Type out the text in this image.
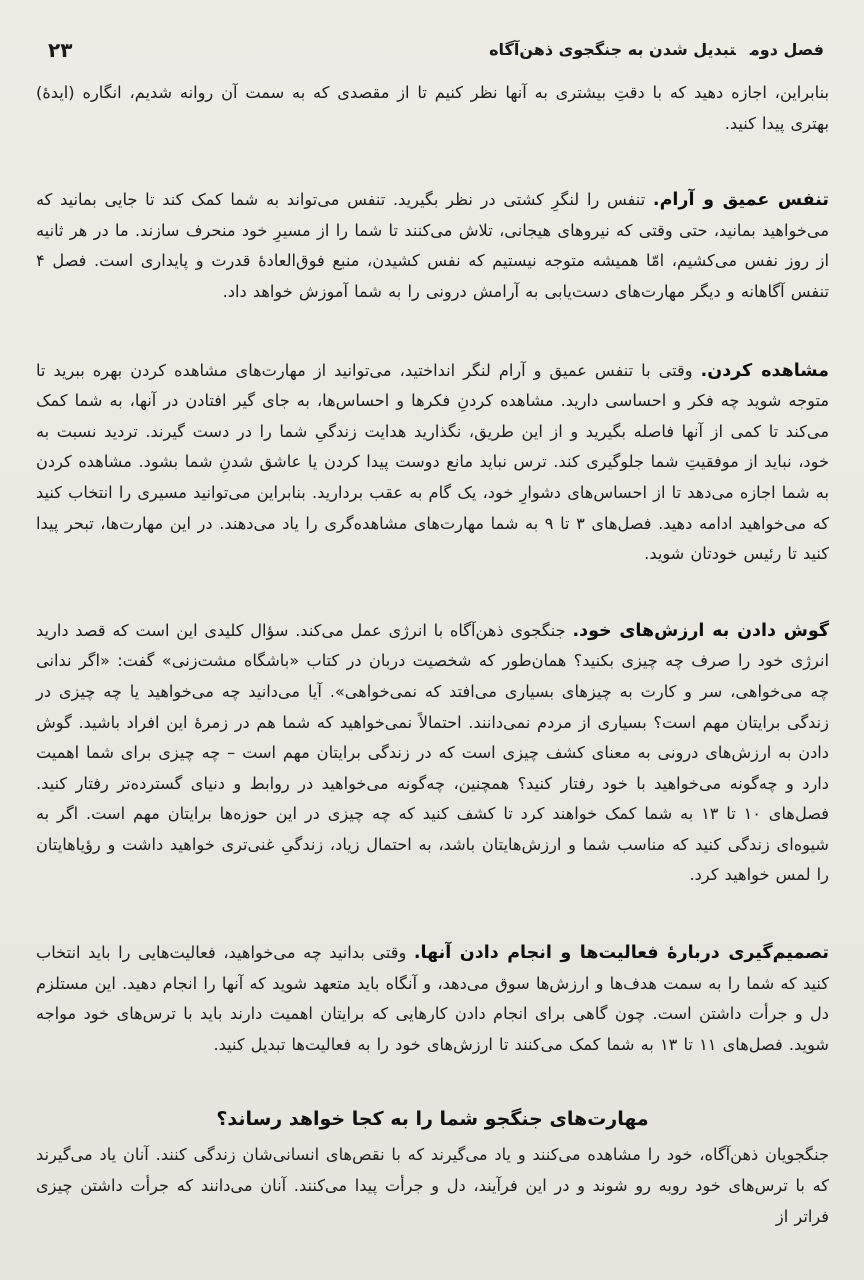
فصل دومتبدیل شدن به جنگجوی ذهن‌آگاه
۲۳

بنابراین، اجازه دهید که با دقتِ بیشتری به آنها نظر کنیم تا از مقصدی که به سمت آن روانه شدیم، انگاره (ایدهٔ) بهتری پیدا کنید.

تنفس عمیق و آرام. تنفس را لنگرِ کشتی در نظر بگیرید. تنفس می‌تواند به شما کمک کند تا جایی بمانید که می‌خواهید بمانید، حتی وقتی که نیروهای هیجانی، تلاش می‌کنند تا شما را از مسیرِ خود منحرف سازند. ما در هر ثانیه از روز نفس می‌کشیم، امّا همیشه متوجه نیستیم که نفس کشیدن، منبع فوق‌العادهٔ قدرت و پایداری است. فصل ۴ تنفس آگاهانه و دیگر مهارت‌های دست‌یابی به آرامش درونی را به شما آموزش خواهد داد.

مشاهده کردن. وقتی با تنفس عمیق و آرام لنگر انداختید، می‌توانید از مهارت‌های مشاهده کردن بهره ببرید تا متوجه شوید چه فکر و احساسی دارید. مشاهده کردنِ فکرها و احساس‌ها، به جای گیر افتادن در آنها، به شما کمک می‌کند تا کمی از آنها فاصله بگیرید و از این طریق، نگذارید هدایت زندگیِ شما را در دست گیرند. تردید نسبت به خود، نباید از موفقیتِ شما جلوگیری کند. ترس نباید مانع دوست پیدا کردن یا عاشق شدنِ شما بشود. مشاهده کردن به شما اجازه می‌دهد تا از احساس‌های دشوارِ خود، یک گام به عقب بردارید. بنابراین می‌توانید مسیری را انتخاب کنید که می‌خواهید ادامه دهید. فصل‌های ۳ تا ۹ به شما مهارت‌های مشاهده‌گری را یاد می‌دهند. در این مهارت‌ها، تبحر پیدا کنید تا رئیس خودتان شوید.

گوش دادن به ارزش‌های خود. جنگجوی ذهن‌آگاه با انرژی عمل می‌کند. سؤال کلیدی این است که قصد دارید انرژی خود را صرف چه چیزی بکنید؟ همان‌طور که شخصیت دربان در کتاب «باشگاه مشت‌زنی» گفت: «اگر ندانی چه می‌خواهی، سر و کارت به چیزهای بسیاری می‌افتد که نمی‌خواهی». آیا می‌دانید چه می‌خواهید یا چه چیزی در زندگی برایتان مهم است؟ بسیاری از مردم نمی‌دانند. احتمالاً نمی‌خواهید که شما هم در زمرهٔ این افراد باشید. گوش دادن به ارزش‌های درونی به معنای کشف چیزی است که در زندگی برایتان مهم است – چه چیزی برای شما اهمیت دارد و چه‌گونه می‌خواهید با خود رفتار کنید؟ همچنین، چه‌گونه می‌خواهید در روابط و دنیای گسترده‌تر رفتار کنید. فصل‌های ۱۰ تا ۱۳ به شما کمک خواهند کرد تا کشف کنید که چه چیزی در این حوزه‌ها برایتان مهم است. اگر به شیوه‌ای زندگی کنید که مناسب شما و ارزش‌هایتان باشد، به احتمال زیاد، زندگیِ غنی‌تری خواهید داشت و رؤیاهایتان را لمس خواهید کرد.

تصمیم‌گیری دربارهٔ فعالیت‌ها و انجام دادن آنها. وقتی بدانید چه می‌خواهید، فعالیت‌هایی را باید انتخاب کنید که شما را به سمت هدف‌ها و ارزش‌ها سوق می‌دهد، و آنگاه باید متعهد شوید که آنها را انجام دهید. این مستلزم دل و جرأت داشتن است. چون گاهی برای انجام دادن کارهایی که برایتان اهمیت دارند باید با ترس‌های خود مواجه شوید. فصل‌های ۱۱ تا ۱۳ به شما کمک می‌کنند تا ارزش‌های خود را به فعالیت‌ها تبدیل کنید.

مهارت‌های جنگجو شما را به کجا خواهد رساند؟

جنگجویان ذهن‌آگاه، خود را مشاهده می‌کنند و یاد می‌گیرند که با نقص‌های انسانی‌شان زندگی کنند. آنان یاد می‌گیرند که با ترس‌های خود روبه رو شوند و در این فرآیند، دل و جرأت پیدا می‌کنند. آنان می‌دانند که جرأت داشتن چیزی فراتر از
